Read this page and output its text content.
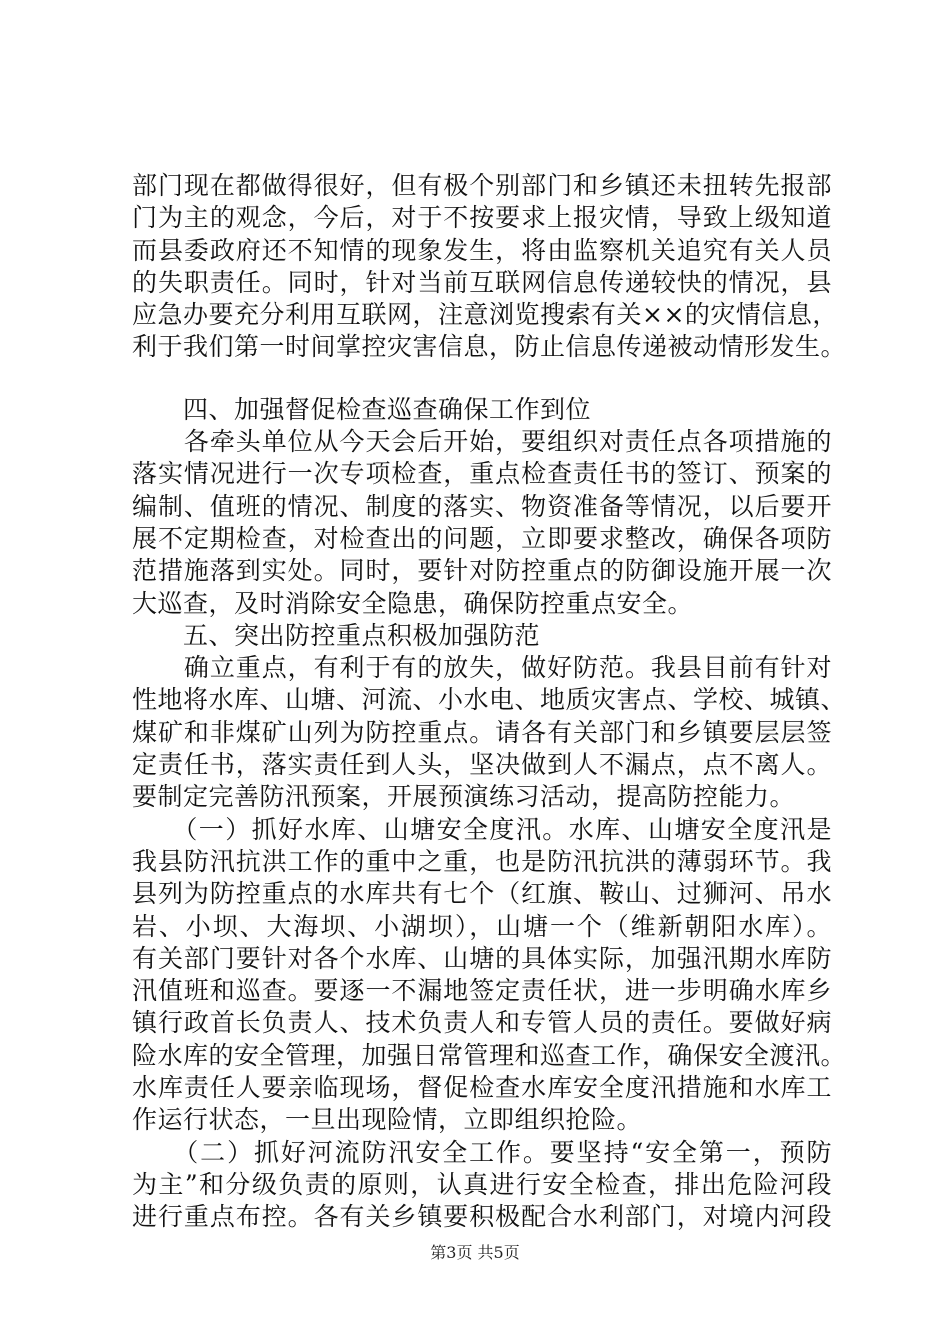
部门现在都做得很好，但有极个别部门和乡镇还未扭转先报部
门为主的观念，今后，对于不按要求上报灾情，导致上级知道
而县委政府还不知情的现象发生，将由监察机关追究有关人员
的失职责任。同时，针对当前互联网信息传递较快的情况，县
应急办要充分利用互联网，注意浏览搜索有关××的灾情信息，
利于我们第一时间掌控灾害信息，防止信息传递被动情形发生。
　　四、加强督促检查巡查确保工作到位
　　各牵头单位从今天会后开始，要组织对责任点各项措施的
落实情况进行一次专项检查，重点检查责任书的签订、预案的
编制、值班的情况、制度的落实、物资准备等情况，以后要开
展不定期检查，对检查出的问题，立即要求整改，确保各项防
范措施落到实处。同时，要针对防控重点的防御设施开展一次
大巡查，及时消除安全隐患，确保防控重点安全。
　　五、突出防控重点积极加强防范
　　确立重点，有利于有的放失，做好防范。我县目前有针对
性地将水库、山塘、河流、小水电、地质灾害点、学校、城镇、
煤矿和非煤矿山列为防控重点。请各有关部门和乡镇要层层签
定责任书，落实责任到人头，坚决做到人不漏点，点不离人。
要制定完善防汛预案，开展预演练习活动，提高防控能力。
　　（一）抓好水库、山塘安全度汛。水库、山塘安全度汛是
我县防汛抗洪工作的重中之重，也是防汛抗洪的薄弱环节。我
县列为防控重点的水库共有七个（红旗、鞍山、过狮河、吊水
岩、小坝、大海坝、小湖坝），山塘一个（维新朝阳水库）。
有关部门要针对各个水库、山塘的具体实际，加强汛期水库防
汛值班和巡查。要逐一不漏地签定责任状，进一步明确水库乡
镇行政首长负责人、技术负责人和专管人员的责任。要做好病
险水库的安全管理，加强日常管理和巡查工作，确保安全渡汛。
水库责任人要亲临现场，督促检查水库安全度汛措施和水库工
作运行状态，一旦出现险情，立即组织抢险。
　　（二）抓好河流防汛安全工作。要坚持“安全第一，预防
为主”和分级负责的原则，认真进行安全检查，排出危险河段
进行重点布控。各有关乡镇要积极配合水利部门，对境内河段
第3页 共5页
